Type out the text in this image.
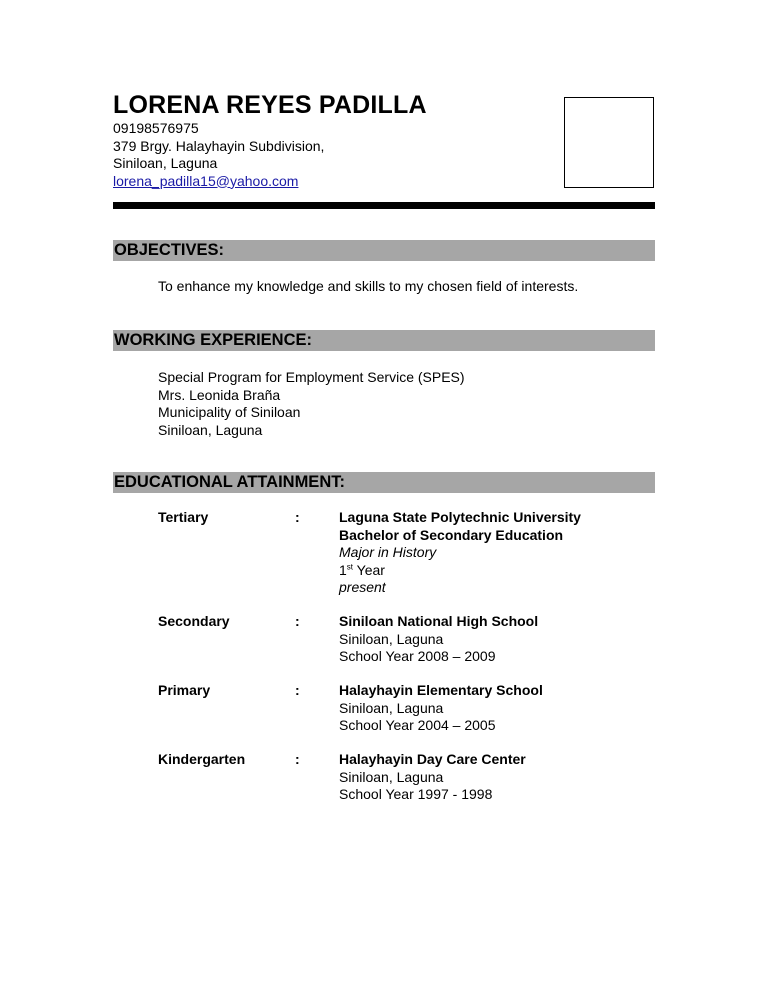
LORENA REYES PADILLA
09198576975
379 Brgy. Halayhayin Subdivision,
Siniloan, Laguna
lorena_padilla15@yahoo.com
OBJECTIVES:
To enhance my knowledge and skills to my chosen field of interests.
WORKING EXPERIENCE:
Special Program for Employment Service (SPES)
Mrs. Leonida Braña
Municipality of Siniloan
Siniloan, Laguna
EDUCATIONAL ATTAINMENT:
Tertiary	:	Laguna State Polytechnic University
Bachelor of Secondary Education
Major in History
1st Year
present
Secondary	:	Siniloan National High School
Siniloan, Laguna
School Year 2008 – 2009
Primary	:	Halayhayin Elementary School
Siniloan, Laguna
School Year 2004 – 2005
Kindergarten	:	Halayhayin Day Care Center
Siniloan, Laguna
School Year 1997 - 1998
